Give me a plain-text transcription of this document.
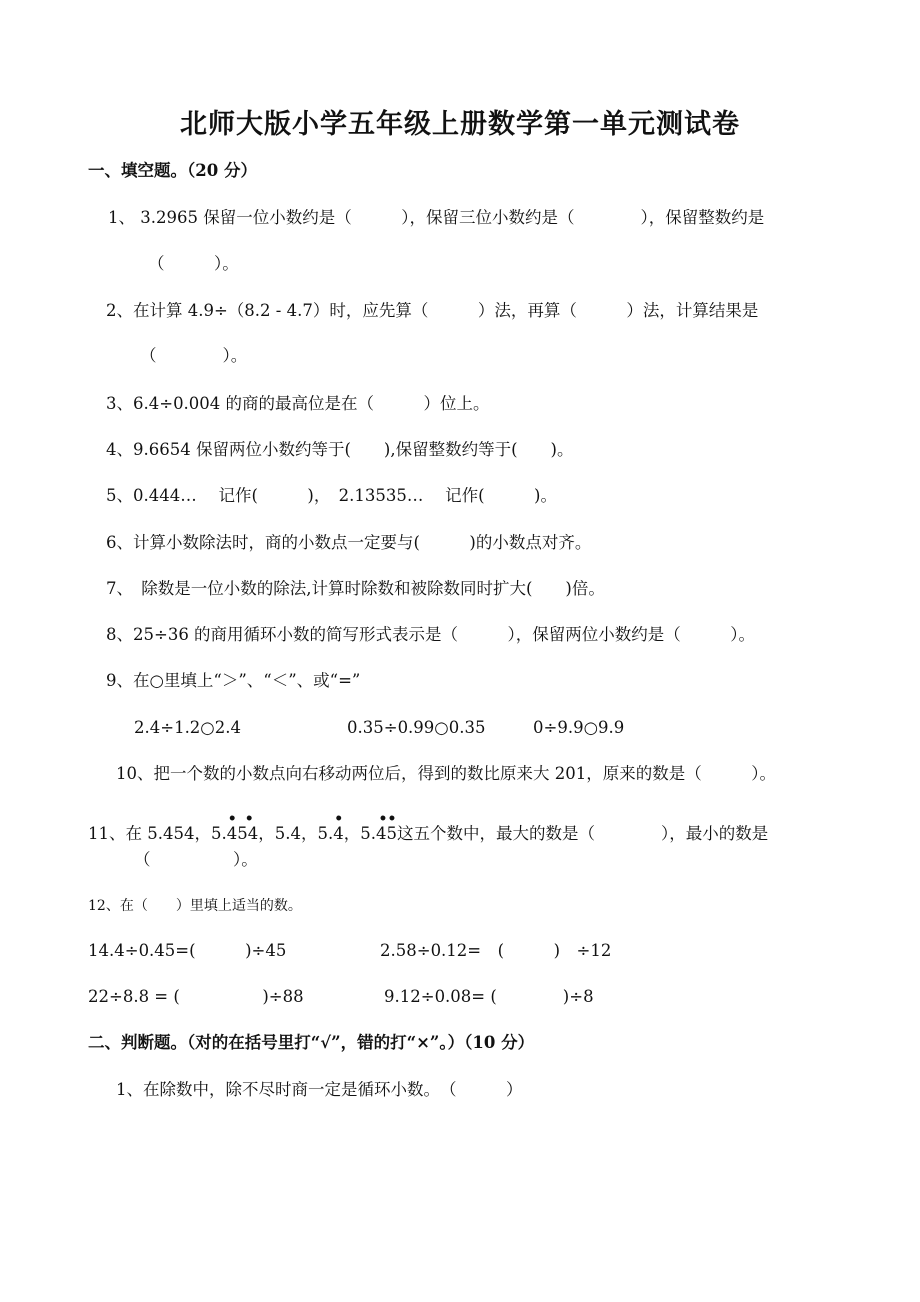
北师大版小学五年级上册数学第一单元测试卷
一、填空题。（20 分）
1、 3.2965 保留一位小数约是（　　　），保留三位小数约是（　　　　），保留整数约是
（　　　）。
2、在计算 4.9÷（8.2 - 4.7）时，应先算（　　　）法，再算（　　　）法，计算结果是
（　　　　）。
3、6.4÷0.004 的商的最高位是在（　　　）位上。
4、9.6654 保留两位小数约等于(　　),保留整数约等于(　　)。
5、0.444…　 记作(　　　)，　2.13535…　 记作(　　　)。
6、计算小数除法时，商的小数点一定要与(　　　)的小数点对齐。
7、　除数是一位小数的除法,计算时除数和被除数同时扩大(　　)倍。
8、25÷36 的商用循环小数的简写形式表示是（　　　），保留两位小数约是（　　　）。
9、在○里填上“＞”、“＜”、或“=”
2.4÷1.2○2.4	0.35÷0.99○0.35	0÷9.9○9.9
10、把一个数的小数点向右移动两位后，得到的数比原来大 201，原来的数是（　　　）。
11、在 5.454，5.
• •
454，5.4，5.
•
4，5.4
• •
5这五个数中，最大的数是（　　　　），最小的数是
（　　　　　）。
12、在（　　）里填上适当的数。
14.4÷0.45=(　　　)÷45	2.58÷0.12=　(　　　)　÷12
22÷8.8 = (　　　　　)÷88	9.12÷0.08= (　　　　)÷8
二、判断题。（对的在括号里打“√”，错的打“×”。）（10 分）
1、在除数中，除不尽时商一定是循环小数。　（　　　）
